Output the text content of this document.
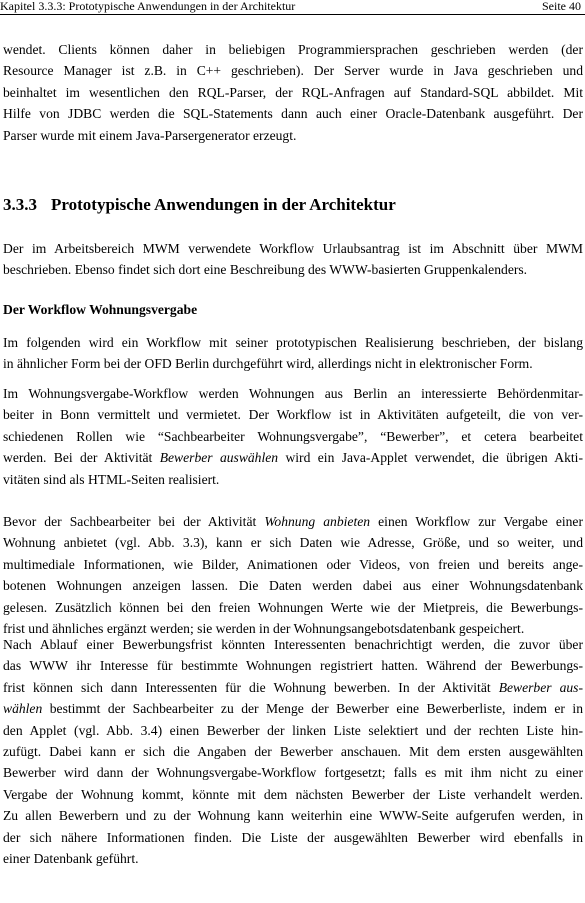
Kapitel 3.3.3: Prototypische Anwendungen in der Architektur	Seite 40
wendet. Clients können daher in beliebigen Programmiersprachen geschrieben werden (der
Resource Manager ist z.B. in C++ geschrieben). Der Server wurde in Java geschrieben und
beinhaltet im wesentlichen den RQL-Parser, der RQL-Anfragen auf Standard-SQL abbildet. Mit
Hilfe von JDBC werden die SQL-Statements dann auch einer Oracle-Datenbank ausgeführt. Der
Parser wurde mit einem Java-Parsergenerator erzeugt.
3.3.3 Prototypische Anwendungen in der Architektur
Der im Arbeitsbereich MWM verwendete Workflow Urlaubsantrag ist im Abschnitt über MWM
beschrieben. Ebenso findet sich dort eine Beschreibung des WWW-basierten Gruppenkalenders.
Der Workflow Wohnungsvergabe
Im folgenden wird ein Workflow mit seiner prototypischen Realisierung beschrieben, der bislang
in ähnlicher Form bei der OFD Berlin durchgeführt wird, allerdings nicht in elektronischer Form.
Im Wohnungsvergabe-Workflow werden Wohnungen aus Berlin an interessierte Behördenmitar-
beiter in Bonn vermittelt und vermietet. Der Workflow ist in Aktivitäten aufgeteilt, die von ver-
schiedenen Rollen wie “Sachbearbeiter Wohnungsvergabe”, “Bewerber”, et cetera bearbeitet
werden. Bei der Aktivität Bewerber auswählen wird ein Java-Applet verwendet, die übrigen Akti-
vitäten sind als HTML-Seiten realisiert.
Bevor der Sachbearbeiter bei der Aktivität Wohnung anbieten einen Workflow zur Vergabe einer
Wohnung anbietet (vgl. Abb. 3.3), kann er sich Daten wie Adresse, Größe, und so weiter, und
multimediale Informationen, wie Bilder, Animationen oder Videos, von freien und bereits ange-
botenen Wohnungen anzeigen lassen. Die Daten werden dabei aus einer Wohnungsdatenbank
gelesen. Zusätzlich können bei den freien Wohnungen Werte wie der Mietpreis, die Bewerbungs-
frist und ähnliches ergänzt werden; sie werden in der Wohnungsangebotsdatenbank gespeichert.
Nach Ablauf einer Bewerbungsfrist könnten Interessenten benachrichtigt werden, die zuvor über
das WWW ihr Interesse für bestimmte Wohnungen registriert hatten. Während der Bewerbungs-
frist können sich dann Interessenten für die Wohnung bewerben. In der Aktivität Bewerber aus-
wählen bestimmt der Sachbearbeiter zu der Menge der Bewerber eine Bewerberliste, indem er in
den Applet (vgl. Abb. 3.4) einen Bewerber der linken Liste selektiert und der rechten Liste hin-
zufügt. Dabei kann er sich die Angaben der Bewerber anschauen. Mit dem ersten ausgewählten
Bewerber wird dann der Wohnungsvergabe-Workflow fortgesetzt; falls es mit ihm nicht zu einer
Vergabe der Wohnung kommt, könnte mit dem nächsten Bewerber der Liste verhandelt werden.
Zu allen Bewerbern und zu der Wohnung kann weiterhin eine WWW-Seite aufgerufen werden, in
der sich nähere Informationen finden. Die Liste der ausgewählten Bewerber wird ebenfalls in
einer Datenbank geführt.
